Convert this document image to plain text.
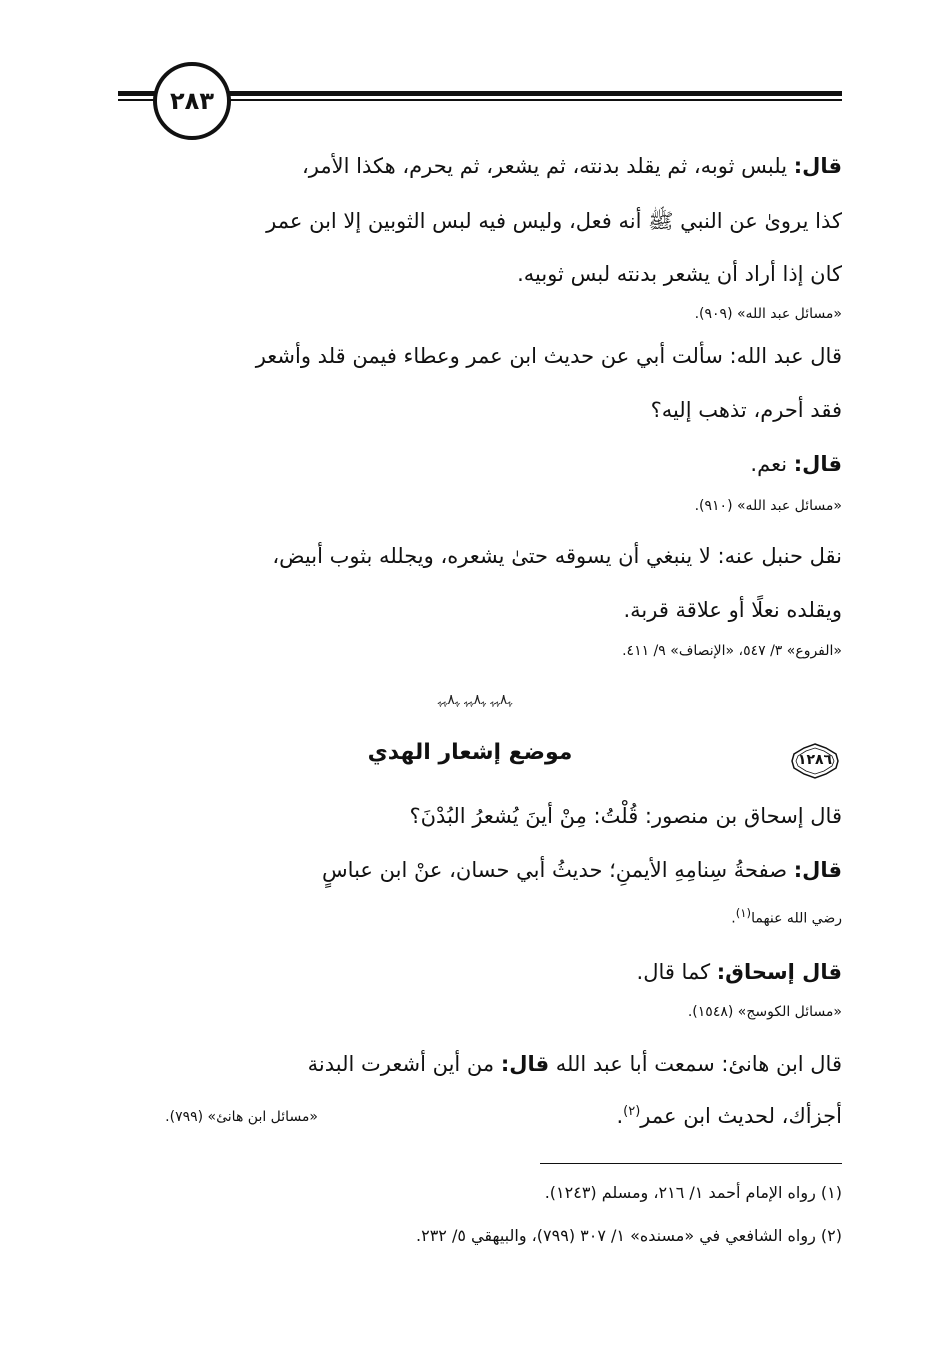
٢٨٣
قال: يلبس ثوبه، ثم يقلد بدنته، ثم يشعر، ثم يحرم، هكذا الأمر،
كذا يروىٰ عن النبي ﷺ أنه فعل، وليس فيه لبس الثوبين إلا ابن عمر
كان إذا أراد أن يشعر بدنته لبس ثوبيه.
«مسائل عبد الله» (٩٠٩).
قال عبد الله: سألت أبي عن حديث ابن عمر وعطاء فيمن قلد وأشعر
فقد أحرم، تذهب إليه؟
قال: نعم.
«مسائل عبد الله» (٩١٠).
نقل حنبل عنه: لا ينبغي أن يسوقه حتىٰ يشعره، ويجلله بثوب أبيض،
ويقلده نعلًا أو علاقة قربة.
«الفروع» ٣/ ٥٤٧، «الإنصاف» ٩/ ٤١١.
ﮩ٨ﮩﮩ ﮩ٨ﮩﮩ ﮩ٨ﮩﮩ
١٢٨٦
موضع إشعار الهدي
قال إسحاق بن منصور: قُلْتُ: مِنْ أينَ يُشعرُ البُدْنَ؟
قال: صفحةُ سِنامِهِ الأيمنِ؛ حديثُ أبي حسان، عنْ ابن عباسٍ
رضي الله عنهما$^{(١)}$.
قال إسحاق: كما قال.
«مسائل الكوسج» (١٥٤٨).
قال ابن هانئ: سمعت أبا عبد الله قال: من أين أشعرت البدنة
أجزأك، لحديث ابن عمر$^{(٢)}$.
«مسائل ابن هانئ» (٧٩٩).
(١) رواه الإمام أحمد ١/ ٢١٦، ومسلم (١٢٤٣).
(٢) رواه الشافعي في «مسنده» ١/ ٣٠٧ (٧٩٩)، والبيهقي ٥/ ٢٣٢.
